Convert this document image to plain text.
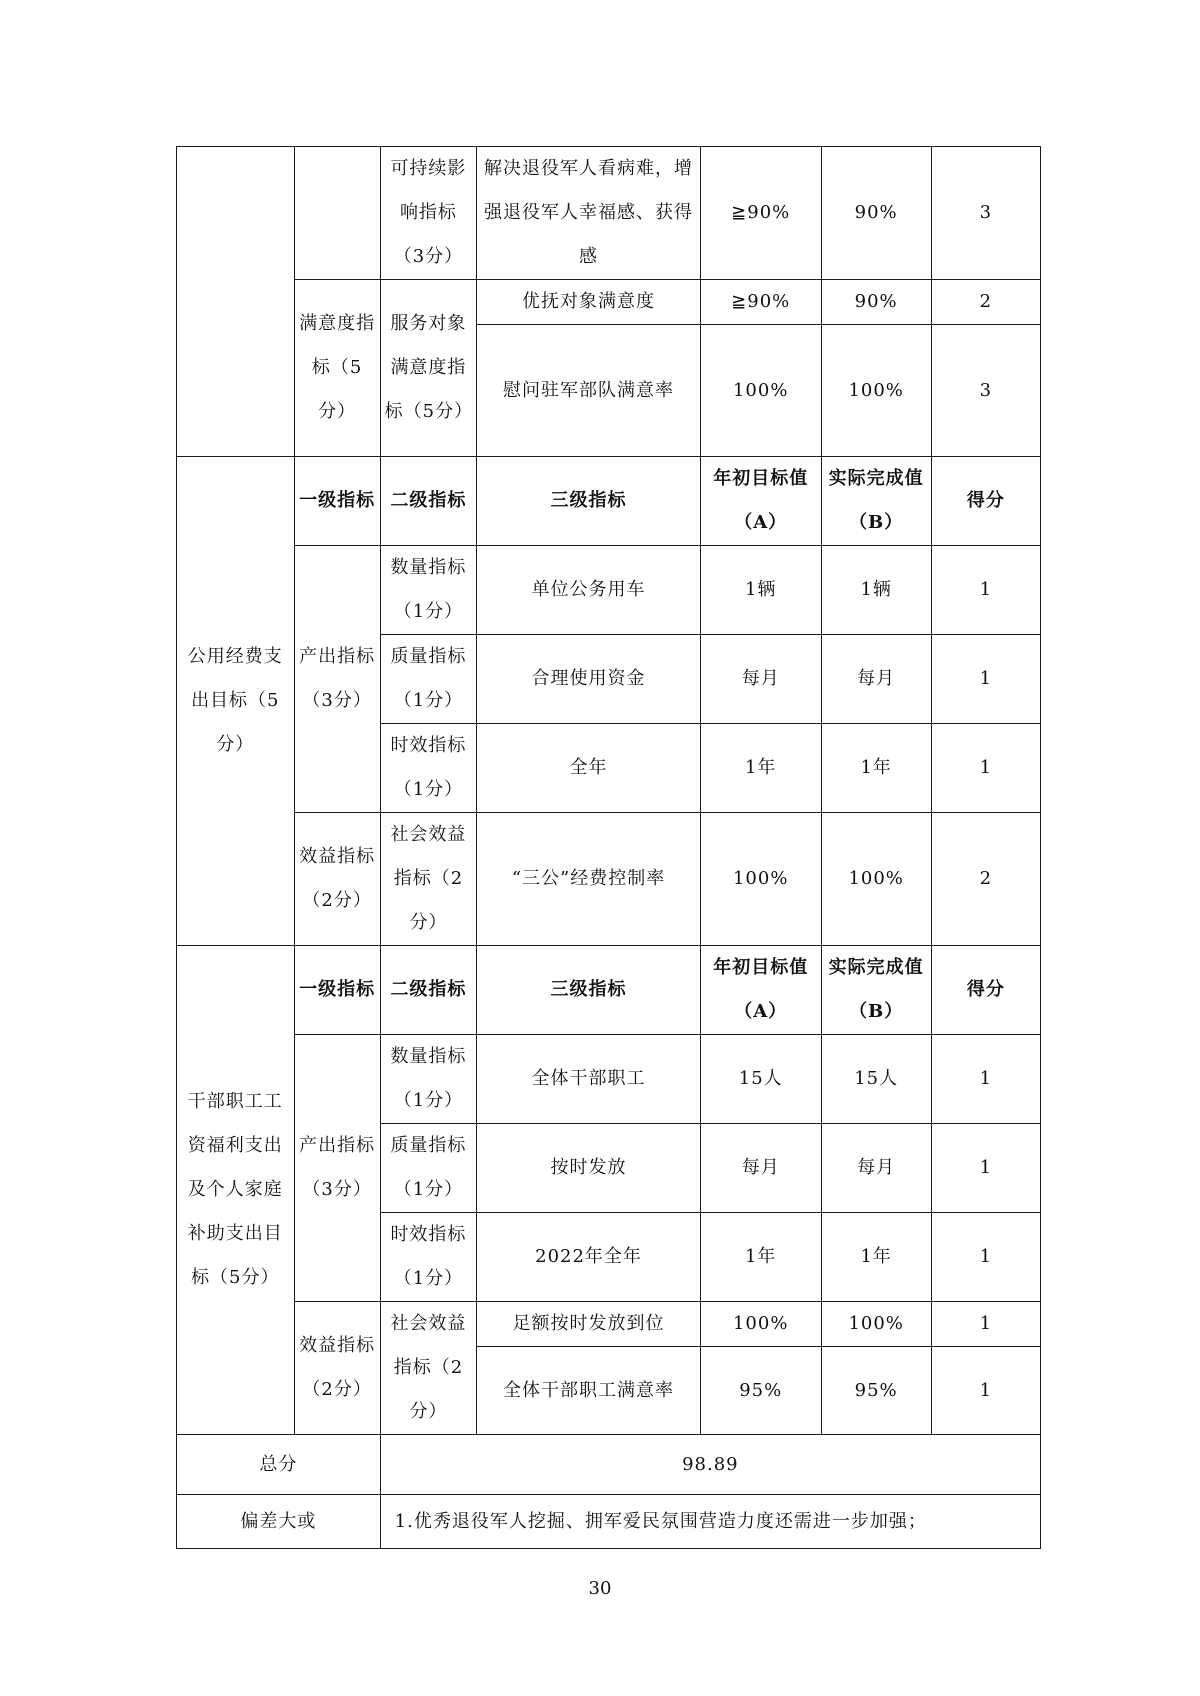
		可持续影响指标（3分）	解决退役军人看病难，增强退役军人幸福感、获得感	≧90%	90%	3
	满意度指标（5分）	服务对象满意度指标（5分）	优抚对象满意度	≧90%	90%	2
			慰问驻军部队满意率	100%	100%	3
公用经费支出目标（5分）	一级指标	二级指标	三级指标	年初目标值（A）	实际完成值（B）	得分
	产出指标（3分）	数量指标（1分）	单位公务用车	1辆	1辆	1
		质量指标（1分）	合理使用资金	每月	每月	1
		时效指标（1分）	全年	1年	1年	1
	效益指标（2分）	社会效益指标（2分）	“三公”经费控制率	100%	100%	2
干部职工工资福利支出及个人家庭补助支出目标（5分）	一级指标	二级指标	三级指标	年初目标值（A）	实际完成值（B）	得分
	产出指标（3分）	数量指标（1分）	全体干部职工	15人	15人	1
		质量指标（1分）	按时发放	每月	每月	1
		时效指标（1分）	2022年全年	1年	1年	1
	效益指标（2分）	社会效益指标（2分）	足额按时发放到位	100%	100%	1
			全体干部职工满意率	95%	95%	1
总分		98.89				
偏差大或		1.优秀退役军人挖掘、拥军爱民氛围营造力度还需进一步加强；				
30
